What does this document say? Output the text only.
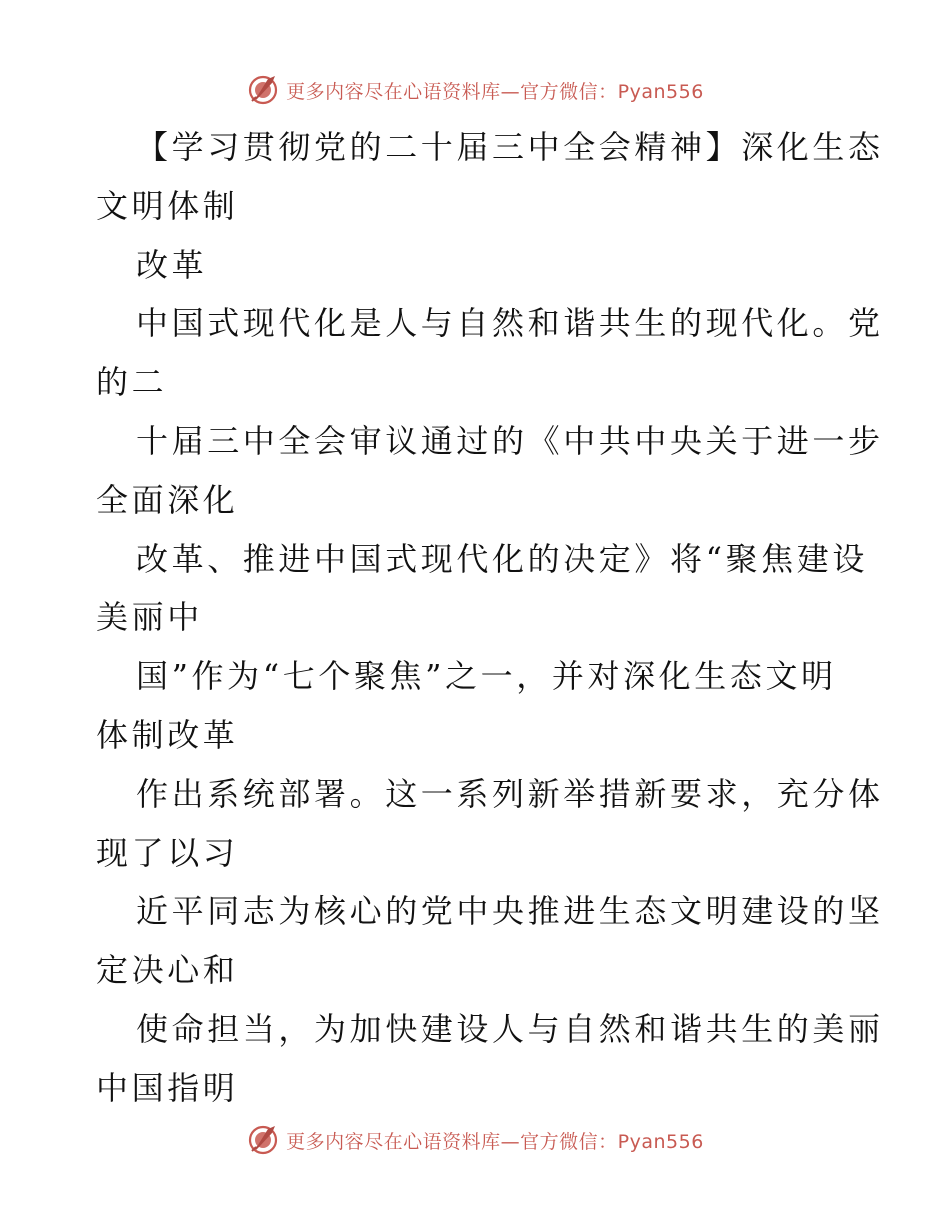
更多内容尽在心语资料库—官方微信：Pyan556
【学习贯彻党的二十届三中全会精神】深化生态
文明体制
改革
中国式现代化是人与自然和谐共生的现代化。党
的二
十届三中全会审议通过的《中共中央关于进一步
全面深化
改革、推进中国式现代化的决定》将“聚焦建设
美丽中
国”作为“七个聚焦”之一，并对深化生态文明
体制改革
作出系统部署。这一系列新举措新要求，充分体
现了以习
近平同志为核心的党中央推进生态文明建设的坚
定决心和
使命担当，为加快建设人与自然和谐共生的美丽
中国指明
更多内容尽在心语资料库—官方微信：Pyan556
